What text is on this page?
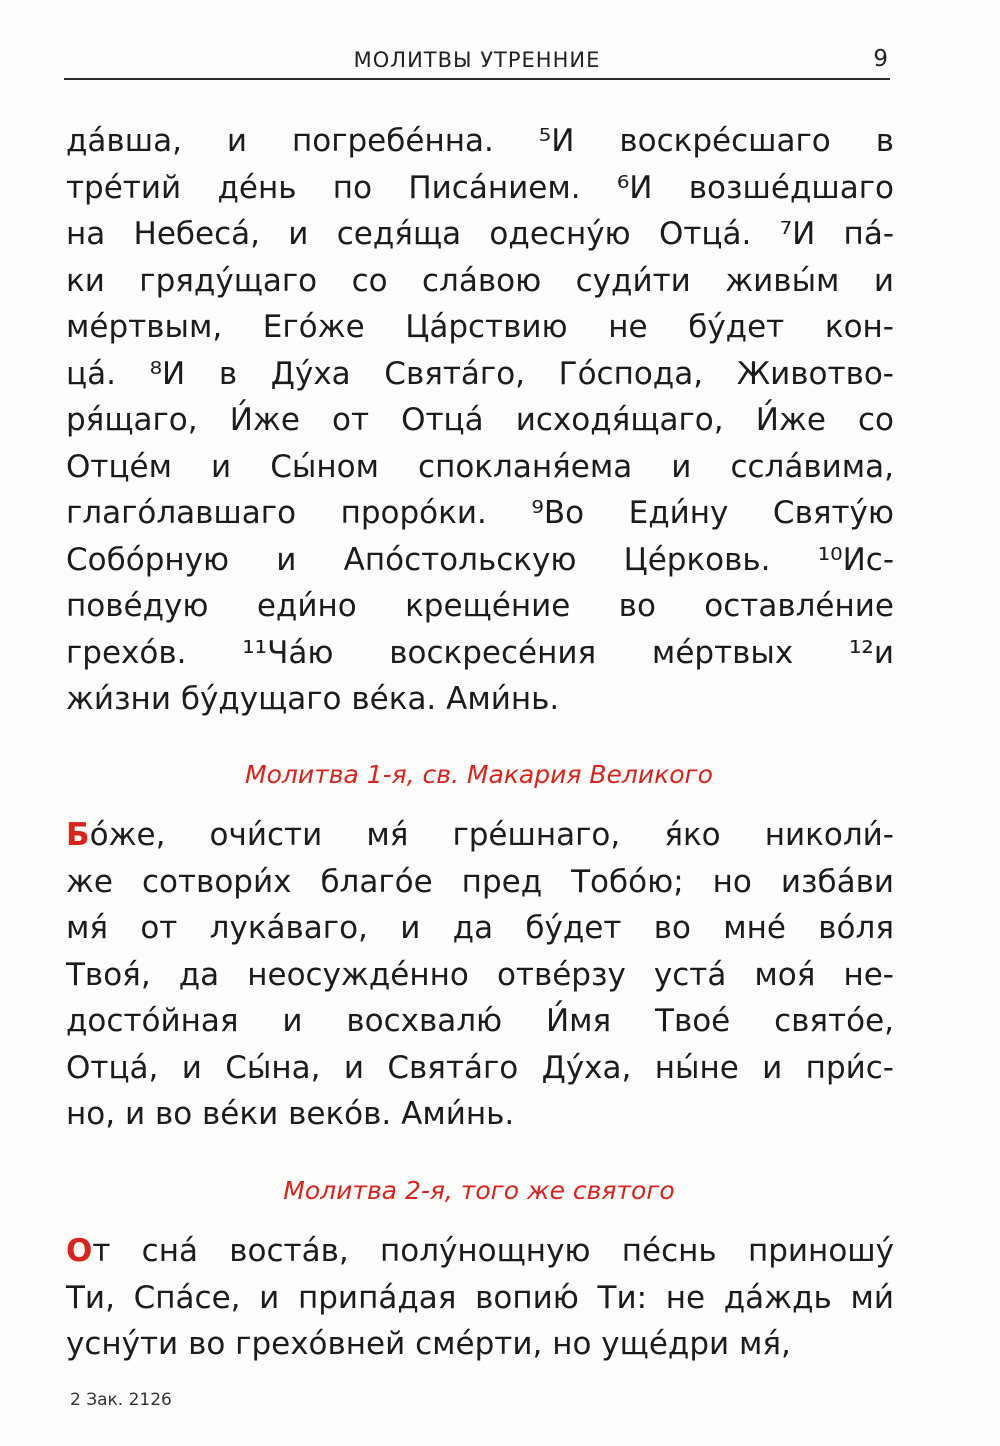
МОЛИТВЫ УТРЕННИЕ	9
да́вша, и погребе́нна. ⁵И воскре́сшаго в
тре́тий де́нь по Писа́нием. ⁶И возше́дшаго
на Небеса́, и седя́ща одесну́ю Отца́. ⁷И па́-
ки гряду́щаго со сла́вою суди́ти живы́м и
ме́ртвым, Его́же Ца́рствию не бу́дет кон-
ца́. ⁸И в Ду́ха Свята́го, Го́спода, Животво-
ря́щаго, И́же от Отца́ исходя́щаго, И́же со
Отце́м и Сы́ном спокланя́ема и ссла́вима,
глаго́лавшаго проро́ки. ⁹Во Еди́ну Святу́ю
Собо́рную и Апо́стольскую Це́рковь. ¹⁰Ис-
пове́дую еди́но креще́ние во оставле́ние
грехо́в. ¹¹Ча́ю воскресе́ния ме́ртвых ¹²и
жи́зни бу́дущаго ве́ка. Ами́нь.
Молитва 1-я, св. Макария Великого
Бо́же, очи́сти мя́ гре́шнаго, я́ко николи́-
же сотвори́х благо́е пред Тобо́ю; но изба́ви
мя́ от лука́ваго, и да бу́дет во мне́ во́ля
Твоя́, да неосужде́нно отве́рзу уста́ моя́ не-
досто́йная и восхвалю́ И́мя Твое́ свято́е,
Отца́, и Сы́на, и Свята́го Ду́ха, ны́не и при́с-
но, и во ве́ки веко́в. Ами́нь.
Молитва 2-я, того же святого
От сна́ воста́в, полу́нощную пе́снь приношу́
Ти, Спа́се, и припа́дая вопию́ Ти: не да́ждь ми́
усну́ти во грехо́вней сме́рти, но уще́дри мя́,
2 Зак. 2126
